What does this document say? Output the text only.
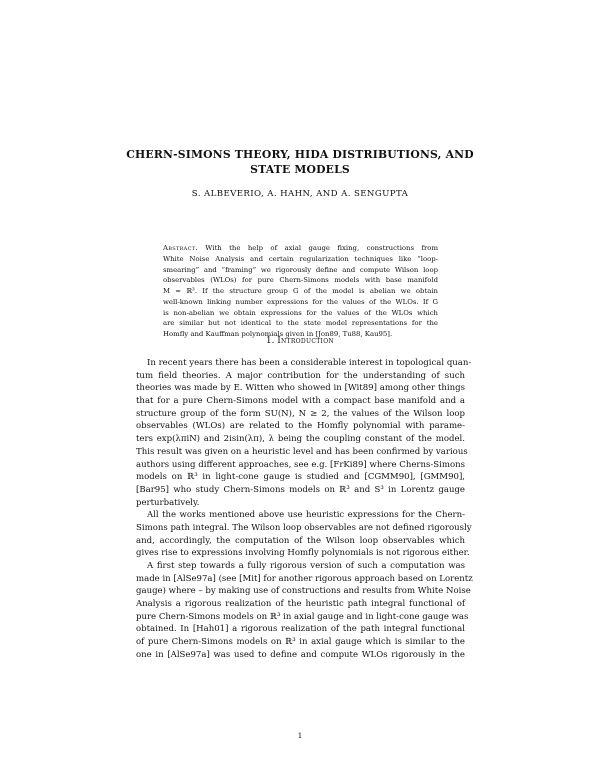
CHERN-SIMONS THEORY, HIDA DISTRIBUTIONS, AND
STATE MODELS
S. ALBEVERIO, A. HAHN, AND A. SENGUPTA
Abstract. With the help of axial gauge fixing, constructions from
White Noise Analysis and certain regularization techniques like “loop-
smearing” and “framing” we rigorously define and compute Wilson loop
observables (WLOs) for pure Chern-Simons models with base manifold
M = ℝ³. If the structure group G of the model is abelian we obtain
well-known linking number expressions for the values of the WLOs. If G
is non-abelian we obtain expressions for the values of the WLOs which
are similar but not identical to the state model representations for the
Homfly and Kauffman polynomials given in [Jon89, Tu88, Kau95].
1. Introduction
In recent years there has been a considerable interest in topological quan-
tum field theories. A major contribution for the understanding of such
theories was made by E. Witten who showed in [Wit89] among other things
that for a pure Chern-Simons model with a compact base manifold and a
structure group of the form SU(N), N ≥ 2, the values of the Wilson loop
observables (WLOs) are related to the Homfly polynomial with parame-
ters exp(λπiN) and 2isin(λπ), λ being the coupling constant of the model.
This result was given on a heuristic level and has been confirmed by various
authors using different approaches, see e.g. [FrKi89] where Cherns-Simons
models on ℝ³ in light-cone gauge is studied and [CGMM90], [GMM90],
[Bar95] who study Chern-Simons models on ℝ³ and S³ in Lorentz gauge
perturbatively.
All the works mentioned above use heuristic expressions for the Chern-
Simons path integral. The Wilson loop observables are not defined rigorously
and, accordingly, the computation of the Wilson loop observables which
gives rise to expressions involving Homfly polynomials is not rigorous either.
A first step towards a fully rigorous version of such a computation was
made in [AlSe97a] (see [Mit] for another rigorous approach based on Lorentz
gauge) where – by making use of constructions and results from White Noise
Analysis a rigorous realization of the heuristic path integral functional of
pure Chern-Simons models on ℝ³ in axial gauge and in light-cone gauge was
obtained. In [Hah01] a rigorous realization of the path integral functional
of pure Chern-Simons models on ℝ³ in axial gauge which is similar to the
one in [AlSe97a] was used to define and compute WLOs rigorously in the
1
